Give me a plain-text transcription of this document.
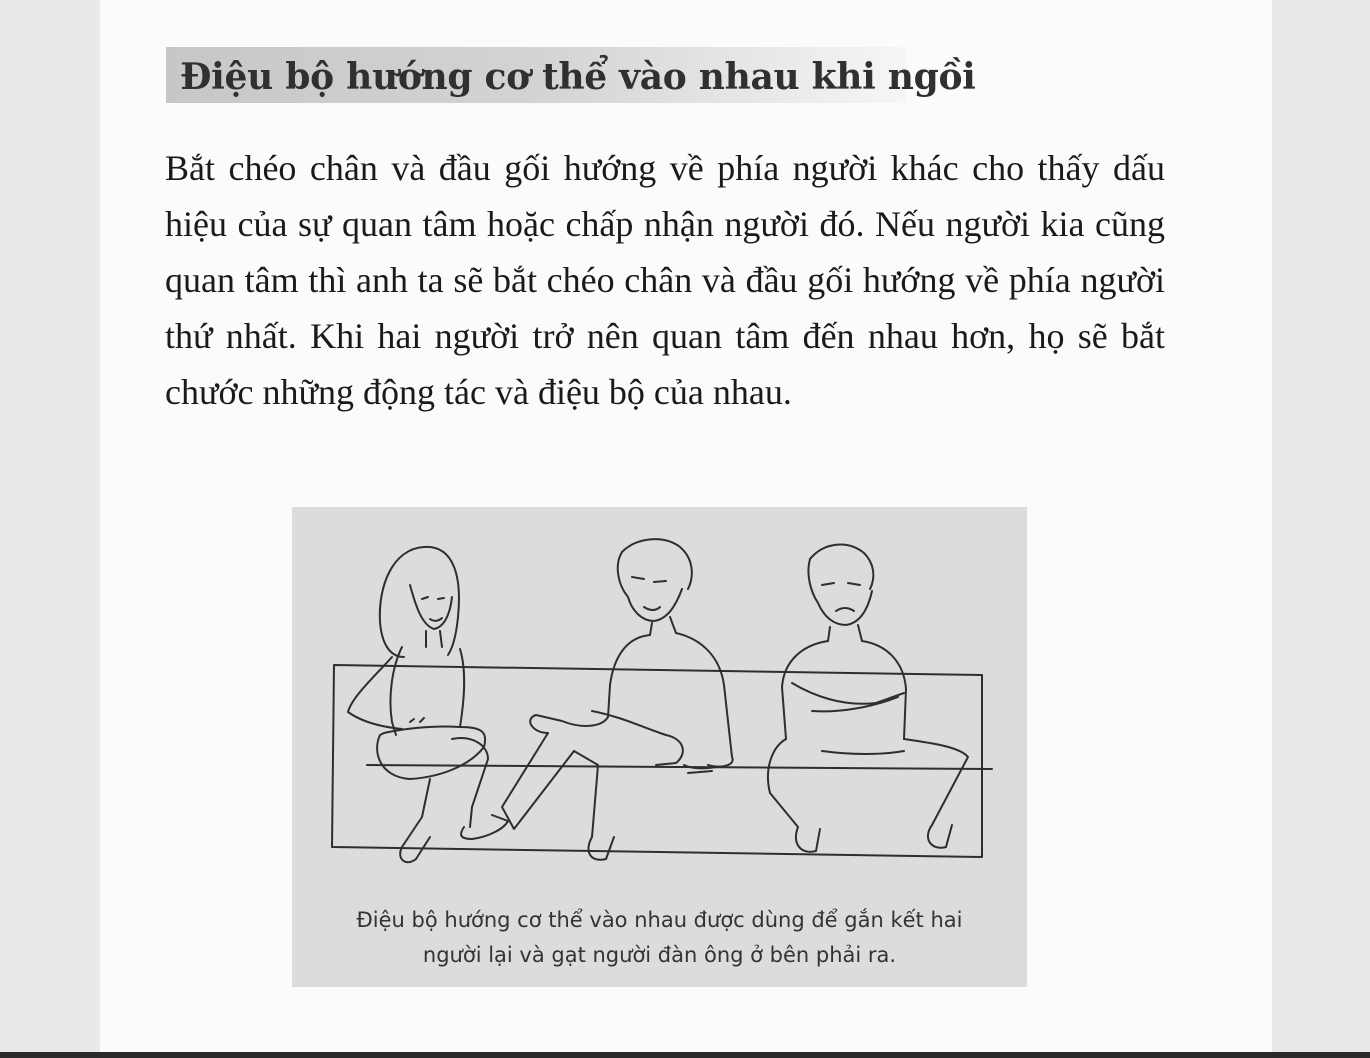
Điệu bộ hướng cơ thể vào nhau khi ngồi

Bắt chéo chân và đầu gối hướng về phía người khác cho thấy dấu hiệu của sự quan tâm hoặc chấp nhận người đó. Nếu người kia cũng quan tâm thì anh ta sẽ bắt chéo chân và đầu gối hướng về phía người thứ nhất. Khi hai người trở nên quan tâm đến nhau hơn, họ sẽ bắt chước những động tác và điệu bộ của nhau.

Điệu bộ hướng cơ thể vào nhau được dùng để gắn kết hai
người lại và gạt người đàn ông ở bên phải ra.
